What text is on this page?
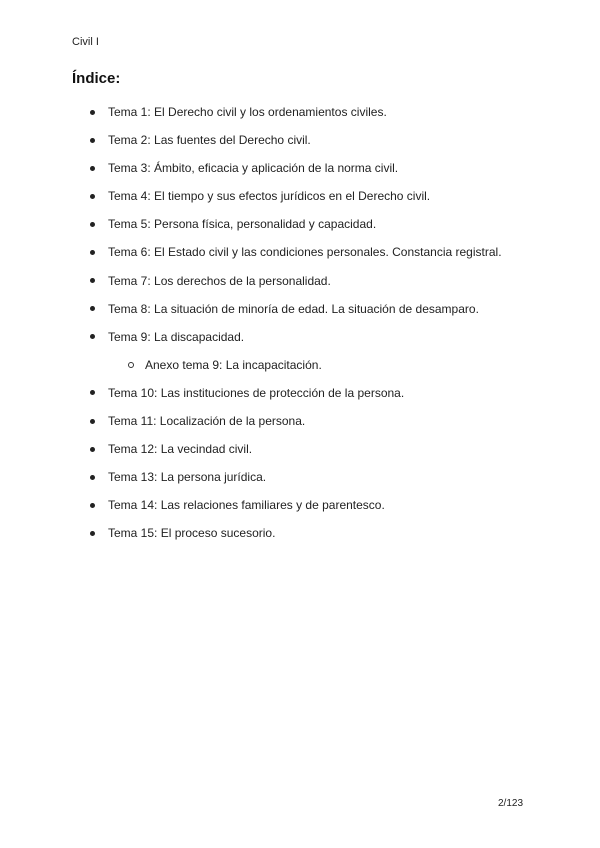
Civil I
Índice:
Tema 1: El Derecho civil y los ordenamientos civiles.
Tema 2: Las fuentes del Derecho civil.
Tema 3: Ámbito, eficacia y aplicación de la norma civil.
Tema 4: El tiempo y sus efectos jurídicos en el Derecho civil.
Tema 5: Persona física, personalidad y capacidad.
Tema 6: El Estado civil y las condiciones personales. Constancia registral.
Tema 7: Los derechos de la personalidad.
Tema 8: La situación de minoría de edad. La situación de desamparo.
Tema 9: La discapacidad.
Anexo tema 9: La incapacitación.
Tema 10: Las instituciones de protección de la persona.
Tema 11: Localización de la persona.
Tema 12: La vecindad civil.
Tema 13: La persona jurídica.
Tema 14: Las relaciones familiares y de parentesco.
Tema 15: El proceso sucesorio.
2/123
